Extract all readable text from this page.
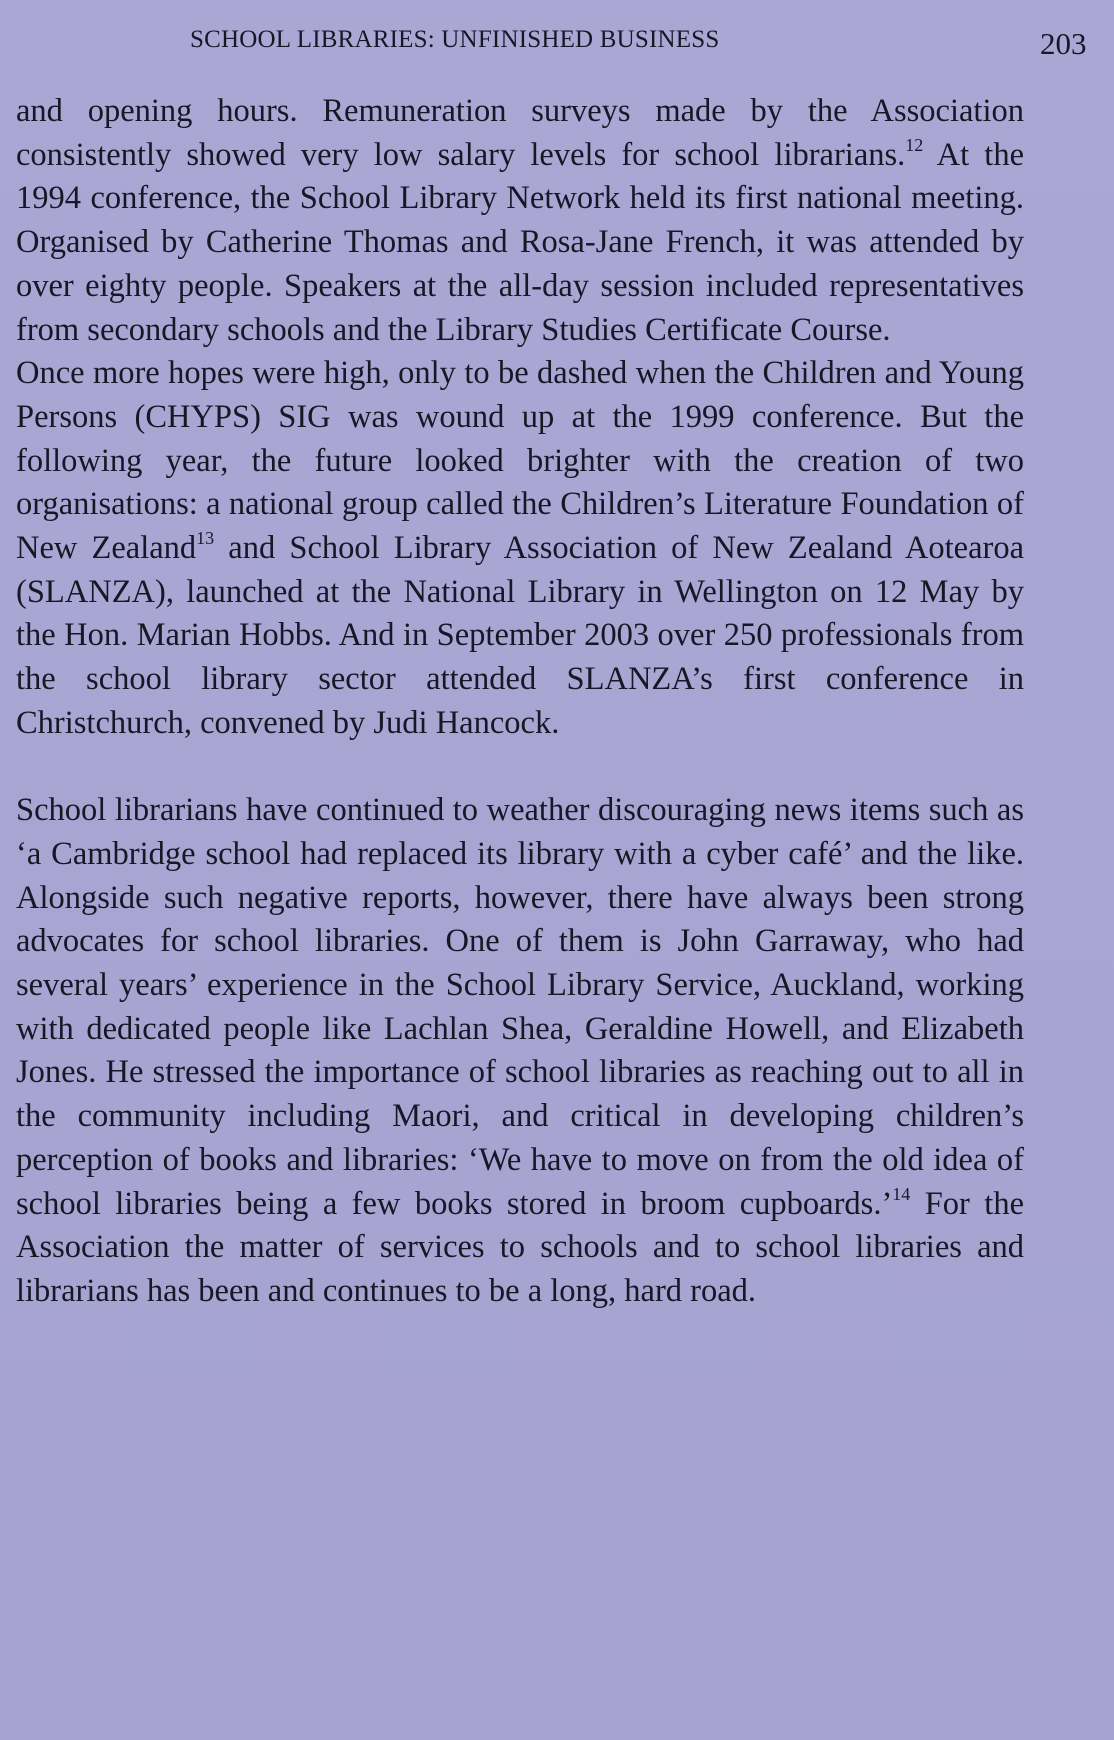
SCHOOL LIBRARIES: UNFINISHED BUSINESS	203

and opening hours. Remuneration surveys made by the Association consistently showed very low salary levels for school librarians.$^{12}$ At the 1994 conference, the School Library Network held its first national meeting. Organised by Catherine Thomas and Rosa-Jane French, it was attended by over eighty people. Speakers at the all-day session included representatives from secondary schools and the Library Studies Certificate Course.

Once more hopes were high, only to be dashed when the Children and Young Persons (CHYPS) SIG was wound up at the 1999 conference. But the following year, the future looked brighter with the creation of two organisations: a national group called the Children’s Literature Foundation of New Zealand$^{13}$ and School Library Association of New Zealand Aotearoa (SLANZA), launched at the National Library in Wellington on 12 May by the Hon. Marian Hobbs. And in September 2003 over 250 professionals from the school library sector attended SLANZA’s first conference in Christchurch, convened by Judi Hancock.

School librarians have continued to weather discouraging news items such as ‘a Cambridge school had replaced its library with a cyber café’ and the like. Alongside such negative reports, however, there have always been strong advocates for school libraries. One of them is John Garraway, who had several years’ experience in the School Library Service, Auckland, working with dedicated people like Lachlan Shea, Geraldine Howell, and Elizabeth Jones. He stressed the importance of school libraries as reaching out to all in the community including Maori, and critical in developing children’s perception of books and libraries: ‘We have to move on from the old idea of school libraries being a few books stored in broom cupboards.’$^{14}$ For the Association the matter of services to schools and to school libraries and librarians has been and continues to be a long, hard road.
